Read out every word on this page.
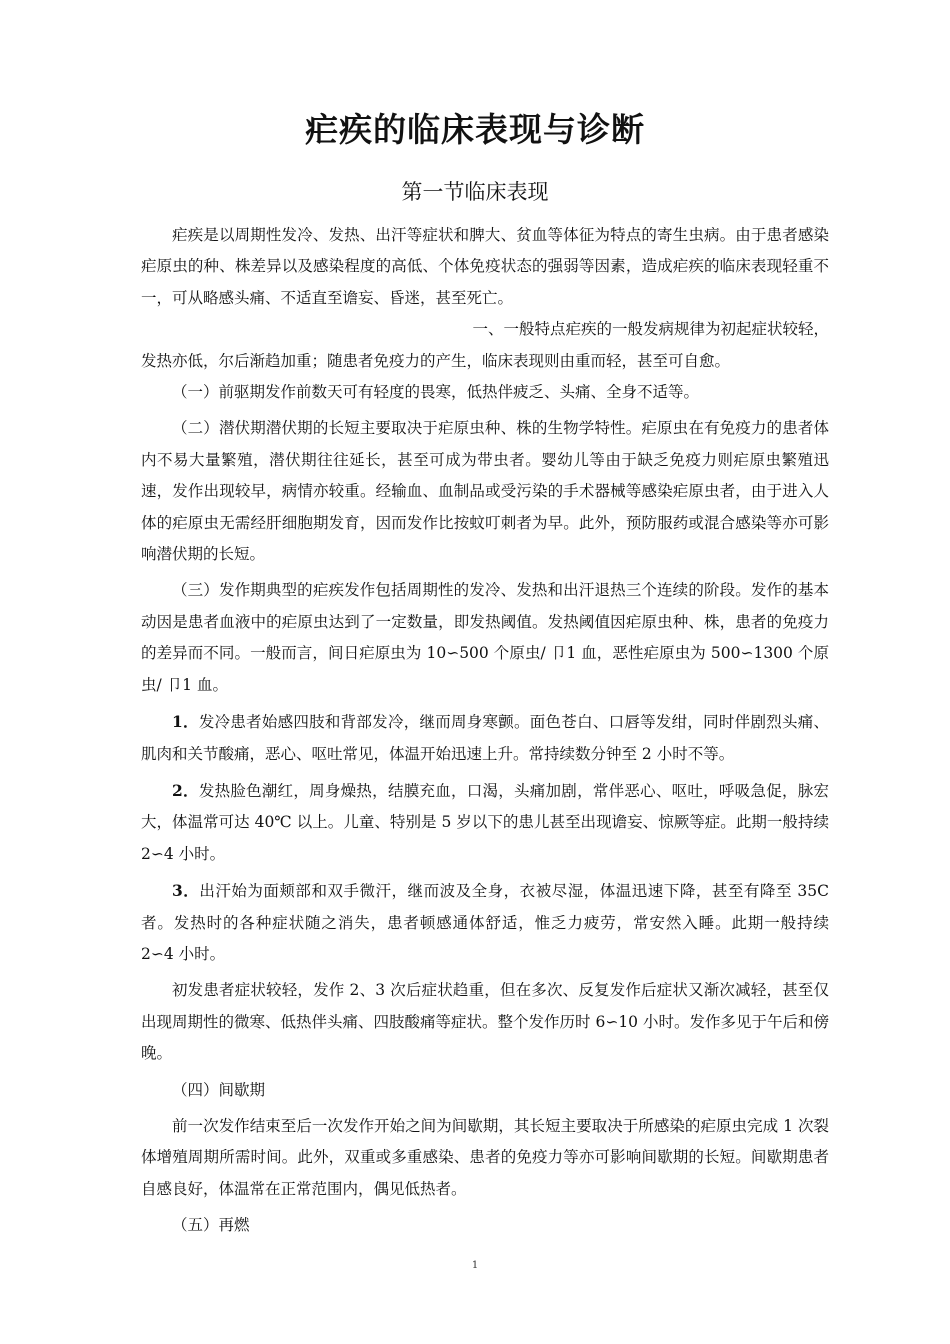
疟疾的临床表现与诊断
第一节临床表现

疟疾是以周期性发冷、发热、出汗等症状和脾大、贫血等体征为特点的寄生虫病。由于患者感染疟原虫的种、株差异以及感染程度的高低、个体免疫状态的强弱等因素，造成疟疾的临床表现轻重不一，可从略感头痛、不适直至谵妄、昏迷，甚至死亡。

一、一般特点疟疾的一般发病规律为初起症状较轻，

发热亦低，尔后渐趋加重；随患者免疫力的产生，临床表现则由重而轻，甚至可自愈。

（一）前驱期发作前数天可有轻度的畏寒，低热伴疲乏、头痛、全身不适等。

（二）潜伏期潜伏期的长短主要取决于疟原虫种、株的生物学特性。疟原虫在有免疫力的患者体内不易大量繁殖，潜伏期往往延长，甚至可成为带虫者。婴幼儿等由于缺乏免疫力则疟原虫繁殖迅速，发作出现较早，病情亦较重。经输血、血制品或受污染的手术器械等感染疟原虫者，由于进入人体的疟原虫无需经肝细胞期发育，因而发作比按蚊叮刺者为早。此外，预防服药或混合感染等亦可影响潜伏期的长短。

（三）发作期典型的疟疾发作包括周期性的发冷、发热和出汗退热三个连续的阶段。发作的基本动因是患者血液中的疟原虫达到了一定数量，即发热阈值。发热阈值因疟原虫种、株，患者的免疫力的差异而不同。一般而言，间日疟原虫为 10∽500 个原虫/ 卩1 血，恶性疟原虫为 500∽1300 个原虫/ 卩1 血。

1．发冷患者始感四肢和背部发冷，继而周身寒颤。面色苍白、口唇等发绀，同时伴剧烈头痛、肌肉和关节酸痛，恶心、呕吐常见，体温开始迅速上升。常持续数分钟至 2 小时不等。

2．发热脸色潮红，周身燥热，结膜充血，口渴，头痛加剧，常伴恶心、呕吐，呼吸急促，脉宏大，体温常可达 40℃ 以上。儿童、特别是 5 岁以下的患儿甚至出现谵妄、惊厥等症。此期一般持续 2∽4 小时。

3．出汗始为面颊部和双手微汗，继而波及全身，衣被尽湿，体温迅速下降，甚至有降至 35C 者。发热时的各种症状随之消失，患者顿感通体舒适，惟乏力疲劳，常安然入睡。此期一般持续 2∽4 小时。

初发患者症状较轻，发作 2、3 次后症状趋重，但在多次、反复发作后症状又渐次减轻，甚至仅出现周期性的微寒、低热伴头痛、四肢酸痛等症状。整个发作历时 6∽10 小时。发作多见于午后和傍晚。

（四）间歇期

前一次发作结束至后一次发作开始之间为间歇期，其长短主要取决于所感染的疟原虫完成 1 次裂体增殖周期所需时间。此外，双重或多重感染、患者的免疫力等亦可影响间歇期的长短。间歇期患者自感良好，体温常在正常范围内，偶见低热者。

（五）再燃

1
